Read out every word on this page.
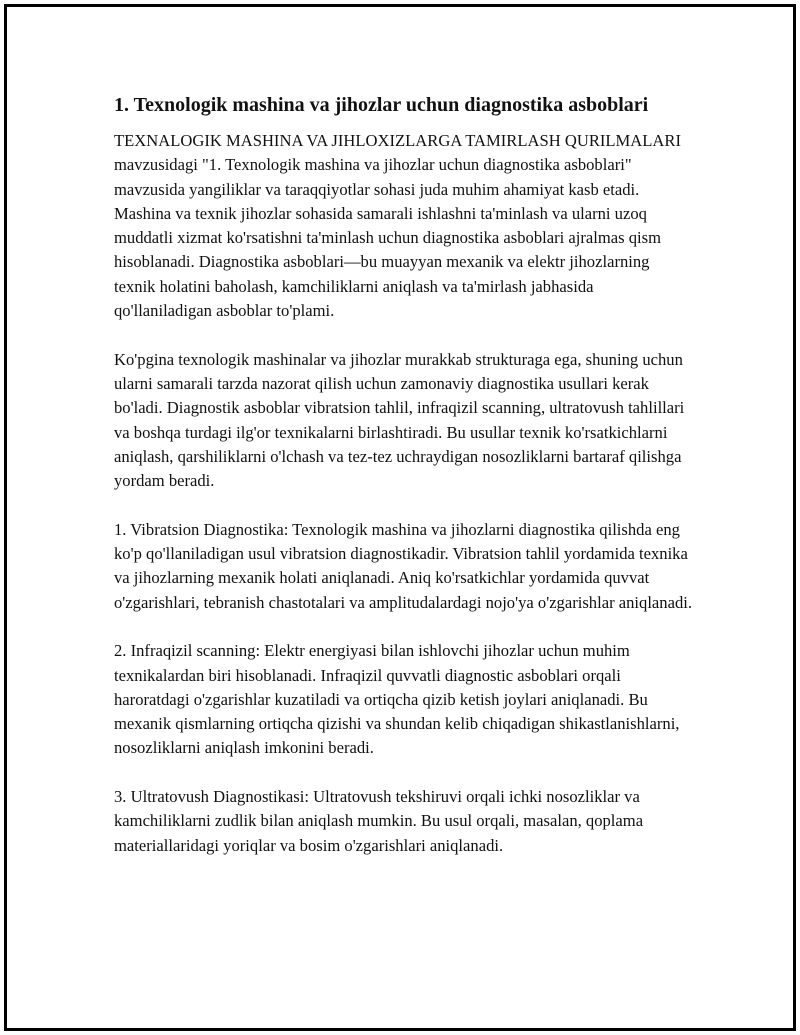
1. Texnologik mashina va jihozlar uchun diagnostika asboblari

TEXNALOGIK MASHINA VA JIHLOXIZLARGA TAMIRLASH QURILMALARI mavzusidagi "1. Texnologik mashina va jihozlar uchun diagnostika asboblari" mavzusida yangiliklar va taraqqiyotlar sohasi juda muhim ahamiyat kasb etadi. Mashina va texnik jihozlar sohasida samarali ishlashni ta'minlash va ularni uzoq muddatli xizmat ko'rsatishni ta'minlash uchun diagnostika asboblari ajralmas qism hisoblanadi. Diagnostika asboblari—bu muayyan mexanik va elektr jihozlarning texnik holatini baholash, kamchiliklarni aniqlash va ta'mirlash jabhasida qo'llaniladigan asboblar to'plami.

Ko'pgina texnologik mashinalar va jihozlar murakkab strukturaga ega, shuning uchun ularni samarali tarzda nazorat qilish uchun zamonaviy diagnostika usullari kerak bo'ladi. Diagnostik asboblar vibratsion tahlil, infraqizil scanning, ultratovush tahlillari va boshqa turdagi ilg'or texnikalarni birlashtiradi. Bu usullar texnik ko'rsatkichlarni aniqlash, qarshiliklarni o'lchash va tez-tez uchraydigan nosozliklarni bartaraf qilishga yordam beradi.

1. Vibratsion Diagnostika: Texnologik mashina va jihozlarni diagnostika qilishda eng ko'p qo'llaniladigan usul vibratsion diagnostikadir. Vibratsion tahlil yordamida texnika va jihozlarning mexanik holati aniqlanadi. Aniq ko'rsatkichlar yordamida quvvat o'zgarishlari, tebranish chastotalari va amplitudalardagi nojo'ya o'zgarishlar aniqlanadi.

2. Infraqizil scanning: Elektr energiyasi bilan ishlovchi jihozlar uchun muhim texnikalardan biri hisoblanadi. Infraqizil quvvatli diagnostic asboblari orqali haroratdagi o'zgarishlar kuzatiladi va ortiqcha qizib ketish joylari aniqlanadi. Bu mexanik qismlarning ortiqcha qizishi va shundan kelib chiqadigan shikastlanishlarni, nosozliklarni aniqlash imkonini beradi.

3. Ultratovush Diagnostikasi: Ultratovush tekshiruvi orqali ichki nosozliklar va kamchiliklarni zudlik bilan aniqlash mumkin. Bu usul orqali, masalan, qoplama materiallaridagi yoriqlar va bosim o'zgarishlari aniqlanadi.
